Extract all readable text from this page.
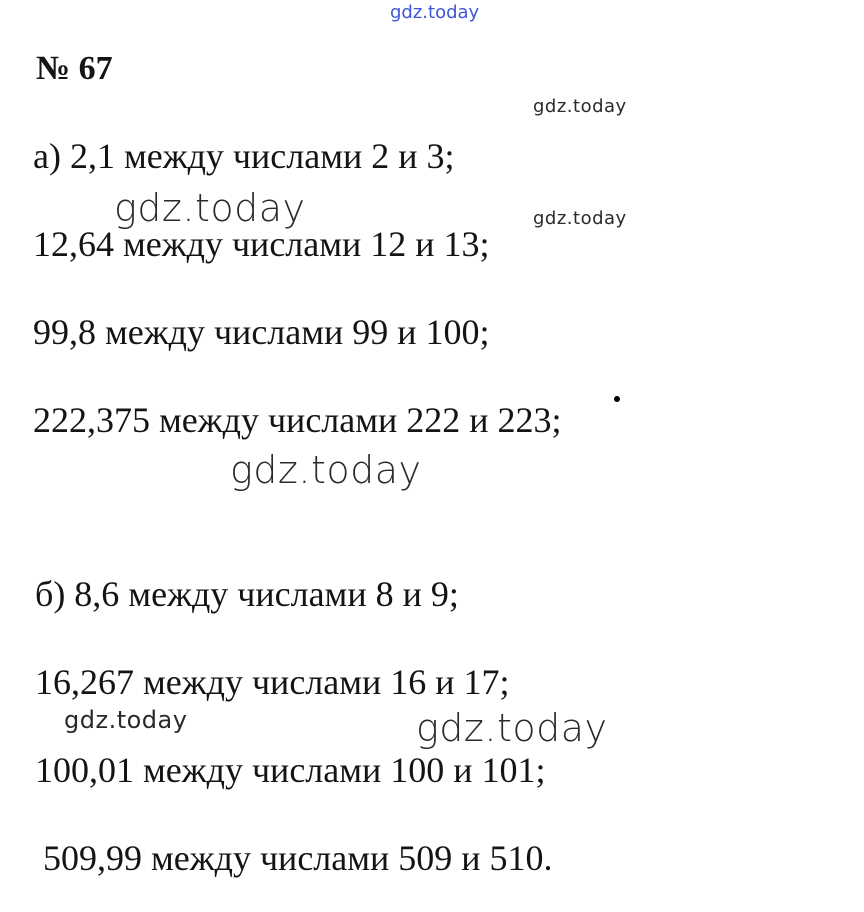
gdz.today
№ 67
gdz.today
а) 2,1 между числами 2 и 3;
12,64 между числами 12 и 13;
99,8 между числами 99 и 100;
222,375 между числами 222 и 223;
gdz.today	gdz.today
gdz.today
б) 8,6 между числами 8 и 9;
16,267 между числами 16 и 17;
100,01 между числами 100 и 101;
509,99 между числами 509 и 510.
gdz.today	gdz.today
